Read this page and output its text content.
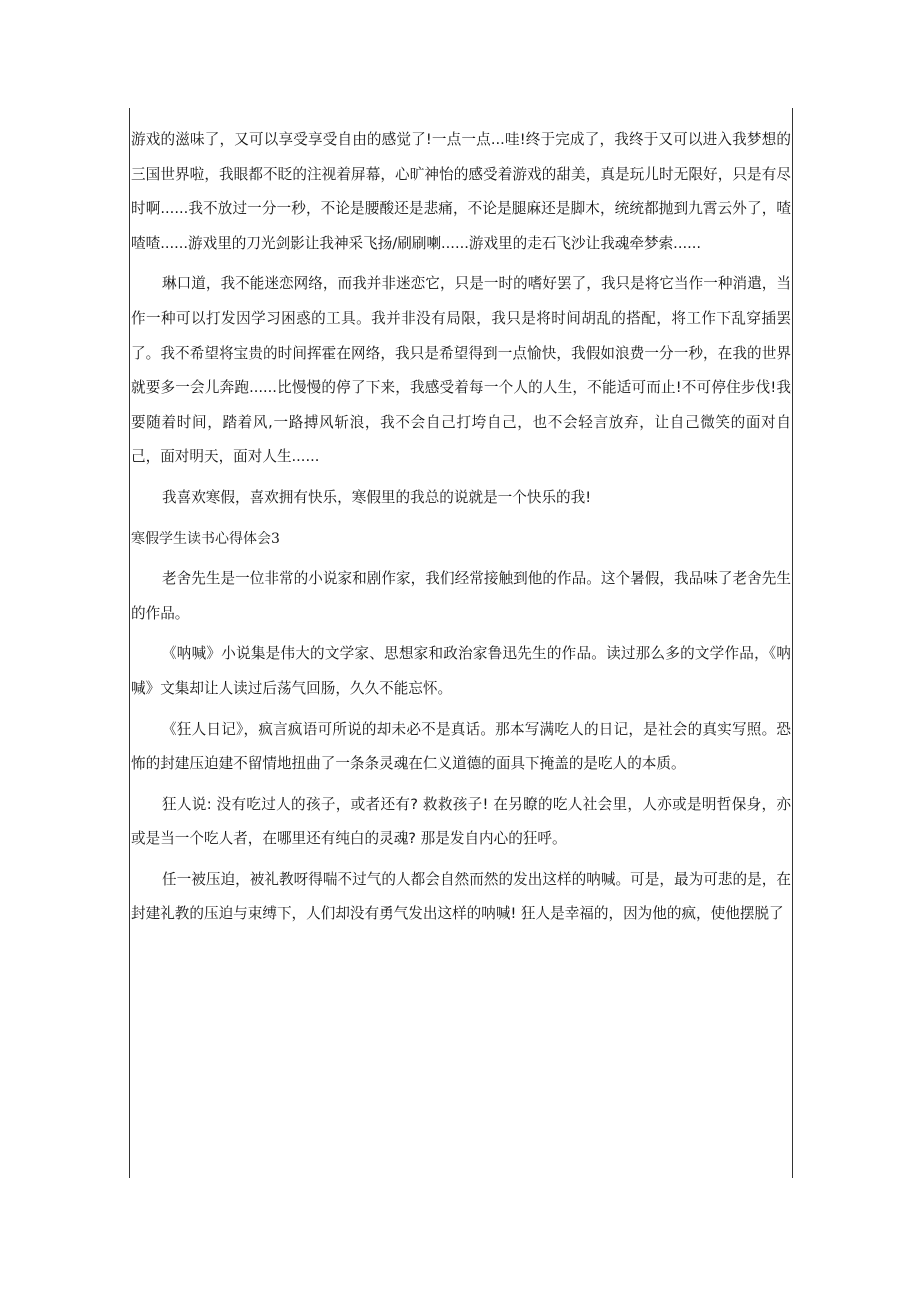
游戏的滋味了，又可以享受享受自由的感觉了!一点一点...哇!终于完成了，我终于又可以进入我梦想的三国世界啦，我眼都不眨的注视着屏幕，心旷神怡的感受着游戏的甜美，真是玩儿时无限好，只是有尽时啊......我不放过一分一秒，不论是腰酸还是悲痛，不论是腿麻还是脚木，统统都抛到九霄云外了，喳喳喳......游戏里的刀光剑影让我神采飞扬/刷刷喇......游戏里的走石飞沙让我魂牵梦索......

琳口道，我不能迷恋网络，而我并非迷恋它，只是一时的嗜好罢了，我只是将它当作一种消遣，当作一种可以打发因学习困惑的工具。我并非没有局限，我只是将时间胡乱的搭配，将工作下乱穿插罢了。我不希望将宝贵的时间挥霍在网络，我只是希望得到一点愉快，我假如浪费一分一秒，在我的世界就要多一会儿奔跑......比慢慢的停了下来，我感受着每一个人的人生，不能适可而止!不可停住步伐!我要随着时间，踏着风,一路搏风斩浪，我不会自己打垮自己，也不会轻言放弃，让自己微笑的面对自己，面对明天，面对人生......

我喜欢寒假，喜欢拥有快乐，寒假里的我总的说就是一个快乐的我!

寒假学生读书心得体会3

老舍先生是一位非常的小说家和剧作家，我们经常接触到他的作品。这个暑假，我品味了老舍先生的作品。

《呐喊》小说集是伟大的文学家、思想家和政治家鲁迅先生的作品。读过那么多的文学作品，《呐喊》文集却让人读过后荡气回肠，久久不能忘怀。

《狂人日记》，疯言疯语可所说的却未必不是真话。那本写满吃人的日记，是社会的真实写照。恐怖的封建压迫建不留情地扭曲了一条条灵魂在仁义道德的面具下掩盖的是吃人的本质。

狂人说: 没有吃过人的孩子，或者还有? 救救孩子! 在另瞭的吃人社会里，人亦或是明哲保身，亦或是当一个吃人者，在哪里还有纯白的灵魂? 那是发自内心的狂呼。

任一被压迫，被礼教呀得喘不过气的人都会自然而然的发出这样的呐喊。可是，最为可悲的是，在封建礼教的压迫与束缚下，人们却没有勇气发出这样的呐喊! 狂人是幸福的，因为他的疯，使他摆脱了
